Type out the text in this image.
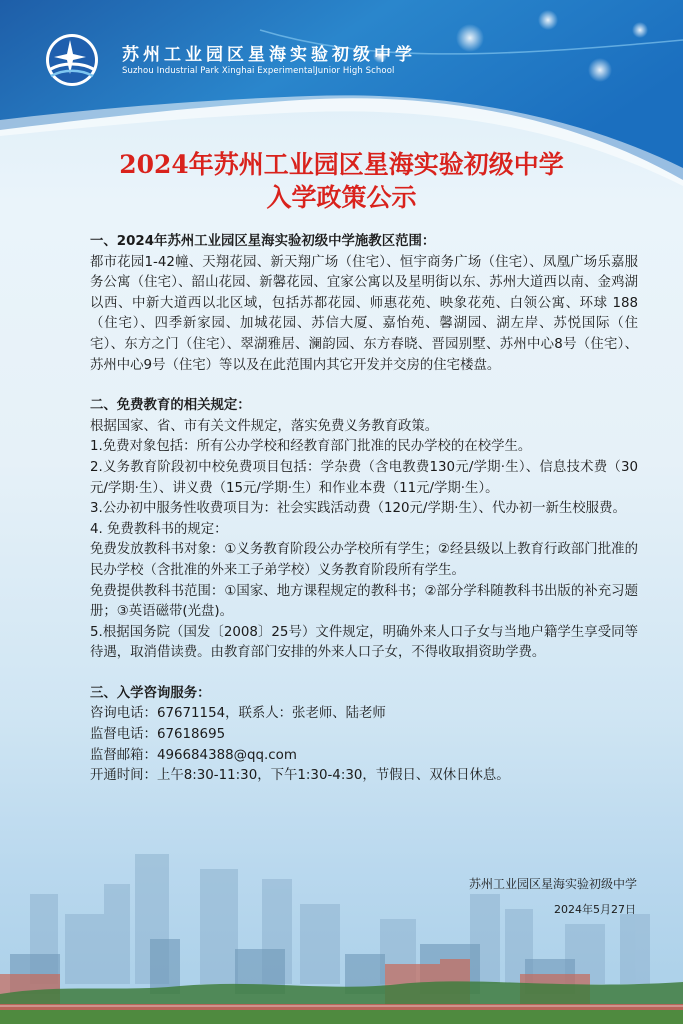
苏州工业园区星海实验初级中学
Suzhou Industrial Park Xinghai ExperimentalJunior High School
2024年苏州工业园区星海实验初级中学
入学政策公示

一、2024年苏州工业园区星海实验初级中学施教区范围：

都市花园1-42幢、天翔花园、新天翔广场（住宅）、恒宇商务广场（住宅）、凤凰广场乐嘉服务公寓（住宅）、韶山花园、新馨花园、宜家公寓以及星明街以东、苏州大道西以南、金鸡湖以西、中新大道西以北区域，包括苏都花园、师惠花苑、映象花苑、白领公寓、环球 188（住宅）、四季新家园、加城花园、苏信大厦、嘉怡苑、馨湖园、湖左岸、苏悦国际（住宅）、东方之门（住宅）、翠湖雅居、澜韵园、东方春晓、晋园别墅、苏州中心8号（住宅）、苏州中心9号（住宅）等以及在此范围内其它开发并交房的住宅楼盘。

二、免费教育的相关规定：

根据国家、省、市有关文件规定，落实免费义务教育政策。

1.免费对象包括：所有公办学校和经教育部门批准的民办学校的在校学生。

2.义务教育阶段初中校免费项目包括：学杂费（含电教费130元/学期·生）、信息技术费（30元/学期·生）、讲义费（15元/学期·生）和作业本费（11元/学期·生）。

3.公办初中服务性收费项目为：社会实践活动费（120元/学期·生）、代办初一新生校服费。

4. 免费教科书的规定：

免费发放教科书对象：①义务教育阶段公办学校所有学生；②经县级以上教育行政部门批准的民办学校（含批准的外来工子弟学校）义务教育阶段所有学生。

免费提供教科书范围：①国家、地方课程规定的教科书；②部分学科随教科书出版的补充习题册；③英语磁带(光盘)。

5.根据国务院（国发〔2008〕25号）文件规定，明确外来人口子女与当地户籍学生享受同等待遇，取消借读费。由教育部门安排的外来人口子女，不得收取捐资助学费。

三、入学咨询服务：

咨询电话：67671154，联系人：张老师、陆老师

监督电话：67618695

监督邮箱：496684388@qq.com

开通时间：上午8:30-11:30，下午1:30-4:30，节假日、双休日休息。

苏州工业园区星海实验初级中学
2024年5月27日
